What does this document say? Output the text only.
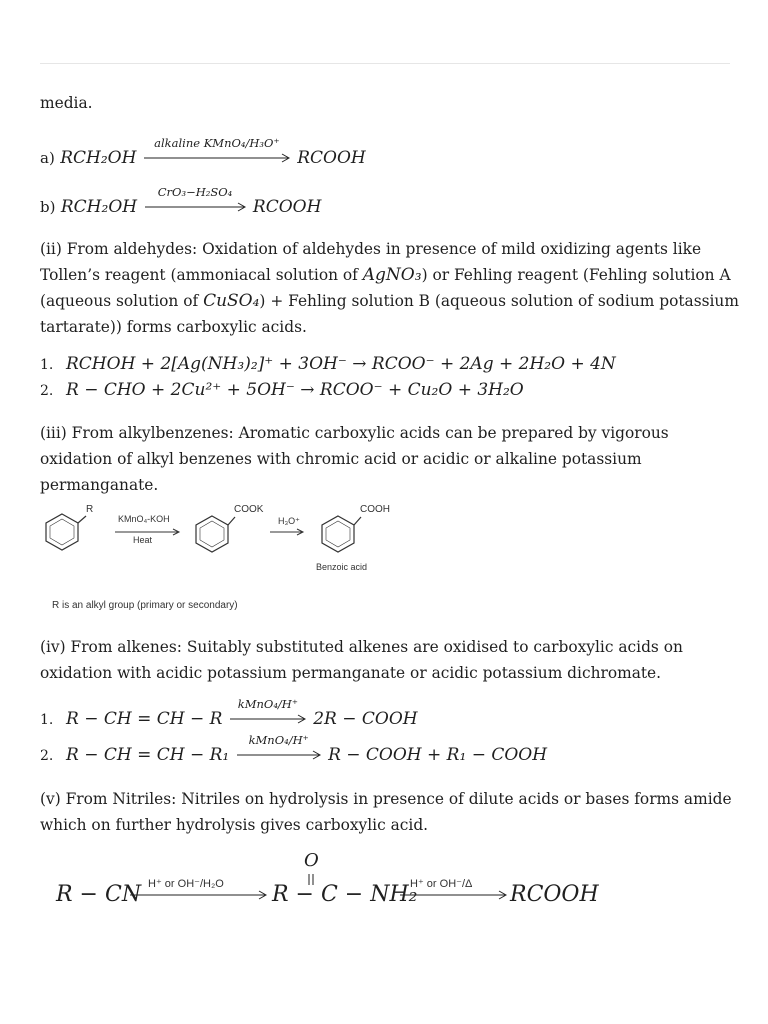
media.

a) RCH₂OH
alkaline KMnO₄/H₃O⁺
RCOOH
b) RCH₂OH
CrO₃−H₂SO₄
RCOOH

(ii) From aldehydes: Oxidation of aldehydes in presence of mild oxidizing agents like Tollen’s reagent (ammoniacal solution of AgNO₃) or Fehling reagent (Fehling solution A (aqueous solution of CuSO₄) + Fehling solution B (aqueous solution of sodium potassium tartarate)) forms carboxylic acids.

1. RCHOH + 2[Ag(NH₃)₂]⁺ + 3OH⁻ → RCOO⁻ + 2Ag + 2H₂O + 4N
2. R − CHO + 2Cu²⁺ + 5OH⁻ → RCOO⁻ + Cu₂O + 3H₂O

(iii) From alkylbenzenes: Aromatic carboxylic acids can be prepared by vigorous oxidation of alkyl benzenes with chromic acid or acidic or alkaline potassium permanganate.

R
KMnO₄-KOH
Heat
COOK
H₃O⁺
COOH
Benzoic acid
R is an alkyl group (primary or secondary)

(iv) From alkenes: Suitably substituted alkenes are oxidised to carboxylic acids on oxidation with acidic potassium permanganate or acidic potassium dichromate.

1. R − CH = CH − R
kMnO₄/H⁺
2R − COOH
2. R − CH = CH − R₁
kMnO₄/H⁺
R − COOH + R₁ − COOH

(v) From Nitriles: Nitriles on hydrolysis in presence of dilute acids or bases forms amide which on further hydrolysis gives carboxylic acid.

R − CN H⁺ or OH⁻/H₂O R − C − NH₂
O
H⁺ or OH⁻/Δ RCOOH
